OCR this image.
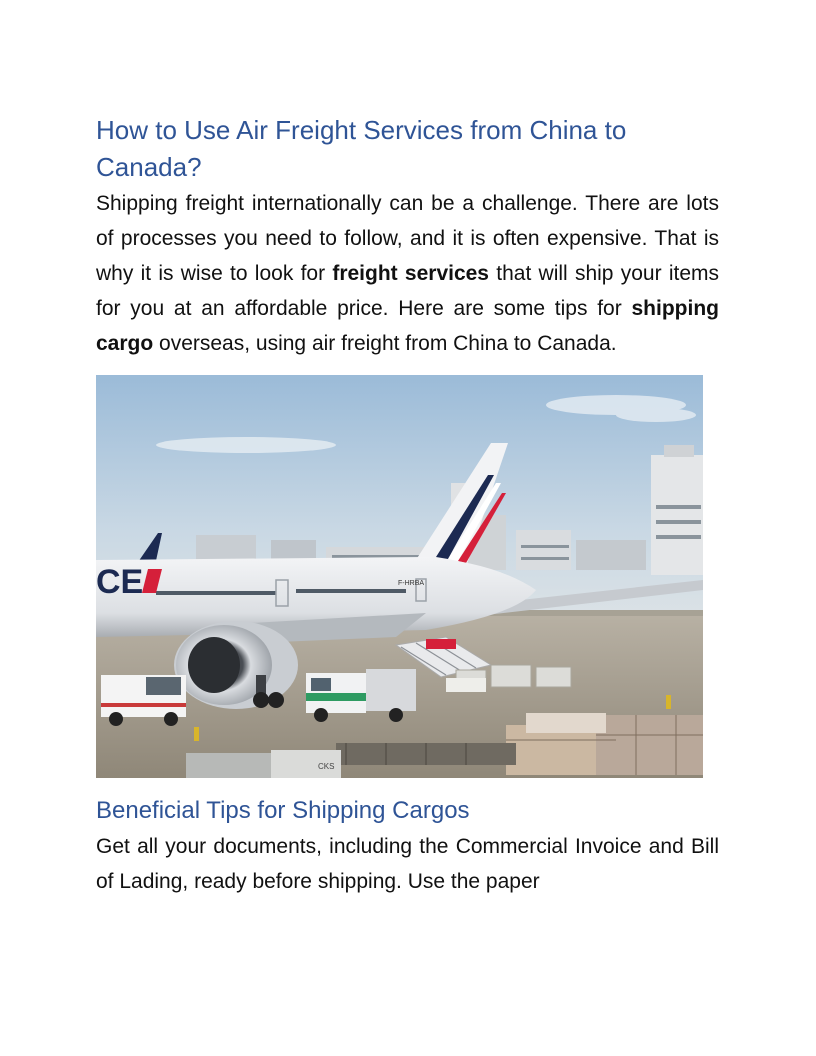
How to Use Air Freight Services from China to Canada?

Shipping freight internationally can be a challenge. There are lots of processes you need to follow, and it is often expensive. That is why it is wise to look for freight services that will ship your items for you at an affordable price. Here are some tips for shipping cargo overseas, using air freight from China to Canada.

CE	F-HRBA
CKS
Beneficial Tips for Shipping Cargos

Get all your documents, including the Commercial Invoice and Bill of Lading, ready before shipping. Use the paper
